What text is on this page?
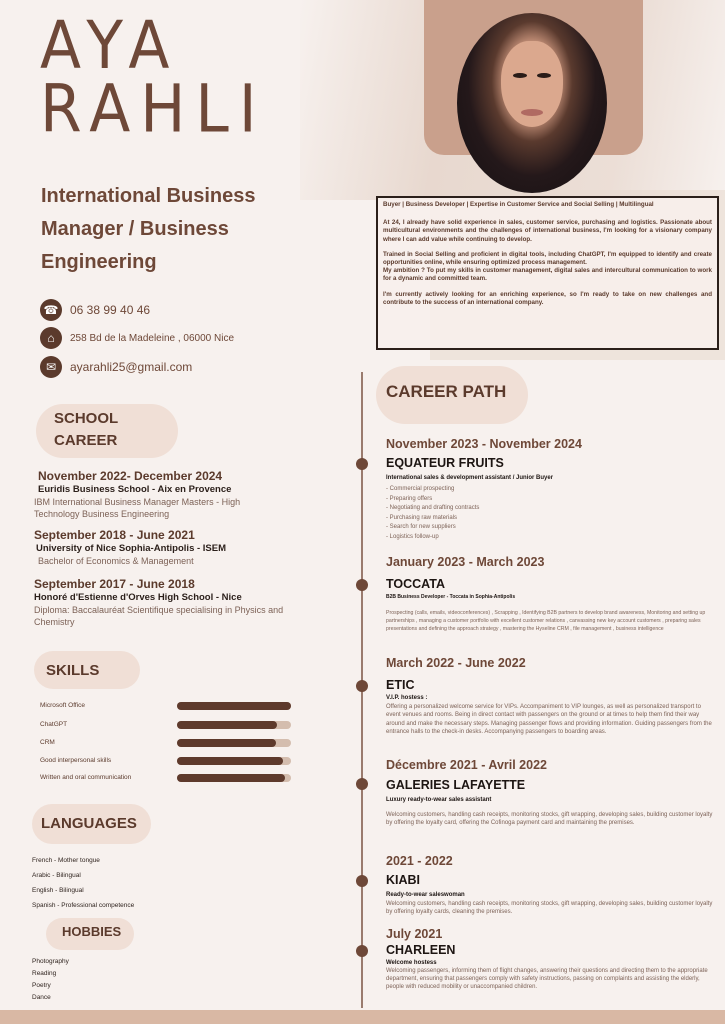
AYA
RAHLI
International Business
Manager / Business
Engineering
☎ 06 38 99 40 46
⌂	258 Bd de la Madeleine , 06000 Nice
✉	ayarahli25@gmail.com

Buyer | Business Developer | Expertise in Customer Service and Social Selling | Multilingual

At 24, I already have solid experience in sales, customer service, purchasing and logistics. Passionate about multicultural environments and the challenges of international business, I'm looking for a visionary company where I can add value while continuing to develop.

Trained in Social Selling and proficient in digital tools, including ChatGPT, I'm equipped to identify and create opportunities online, while ensuring optimized process management.

My ambition ? To put my skills in customer management, digital sales and intercultural communication to work for a dynamic and committed team.

I'm currently actively looking for an enriching experience, so I'm ready to take on new challenges and contribute to the success of an international company.

SCHOOL
CAREER
November 2022- December 2024
Euridis Business School - Aix en Provence
IBM International Business Manager Masters - High Technology Business Engineering
September 2018 - June 2021
University of Nice Sophia-Antipolis - ISEM
Bachelor of Economics & Management
September 2017 - June 2018
Honoré d'Estienne d'Orves High School - Nice
Diploma: Baccalauréat Scientifique specialising in Physics and Chemistry
SKILLS
Microsoft Office
ChatGPT
CRM
Good interpersonal skills
Written and oral communication
LANGUAGES
French - Mother tongue
Arabic - Bilingual
English - Bilingual
Spanish - Professional competence
HOBBIES
Photography
Reading
Poetry
Dance
CAREER PATH
November 2023 - November 2024
EQUATEUR FRUITS
International sales & development assistant / Junior Buyer
- Commercial prospecting
- Preparing offers
- Negotiating and drafting contracts
- Purchasing raw materials
- Search for new suppliers
- Logistics follow-up
January 2023 - March 2023
TOCCATA
B2B Business Developer - Toccata in Sophia-Antipolis
Prospecting (calls, emails, videoconferences) , Scrapping , Identifying B2B partners to develop brand awareness, Monitoring and setting up partnerships , managing a customer portfolio with excellent customer relations , canvassing new key account customers , preparing sales presentations and defining the approach strategy , mastering the Hyseline CRM , file management , business intelligence
March 2022 - June 2022
ETIC
V.I.P. hostess :
Offering a personalized welcome service for VIPs. Accompaniment to VIP lounges, as well as personalized transport to event venues and rooms. Being in direct contact with passengers on the ground or at times to help them find their way around and make the necessary steps. Managing passenger flows and providing information. Guiding passengers from the entrance halls to the check-in desks. Accompanying passengers to boarding areas.
Décembre 2021 - Avril 2022
GALERIES LAFAYETTE
Luxury ready-to-wear sales assistant
Welcoming customers, handling cash receipts, monitoring stocks, gift wrapping, developing sales, building customer loyalty by offering the loyalty card, offering the Cofinoga payment card and maintaining the premises.
2021 - 2022
KIABI
Ready-to-wear saleswoman
Welcoming customers, handling cash receipts, monitoring stocks, gift wrapping, developing sales, building customer loyalty by offering loyalty cards, cleaning the premises.
July 2021
CHARLEEN
Welcome hostess
Welcoming passengers, informing them of flight changes, answering their questions and directing them to the appropriate department, ensuring that passengers comply with safety instructions, passing on complaints and assisting the elderly, people with reduced mobility or unaccompanied children.
